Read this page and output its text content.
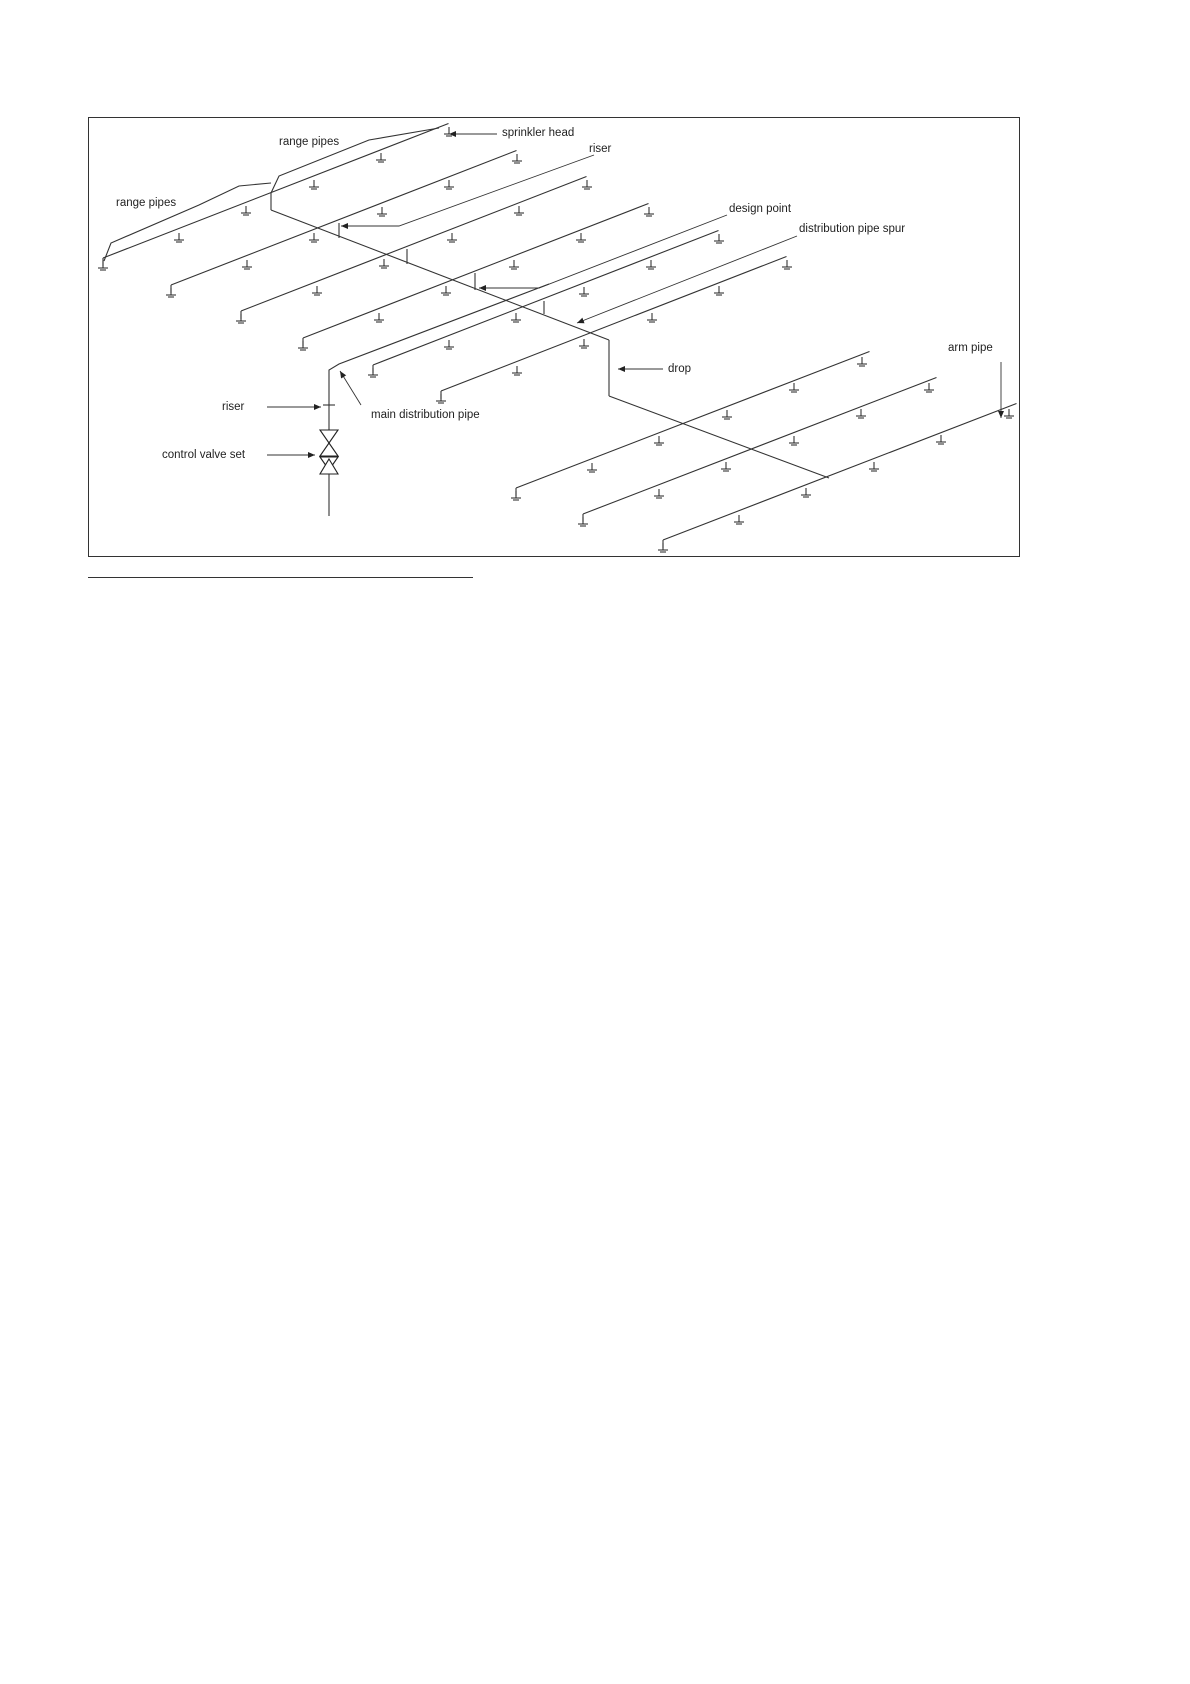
range pipes
range pipes
sprinkler head
riser
design point
distribution pipe spur
drop
arm pipe
riser
main distribution pipe
control valve set
